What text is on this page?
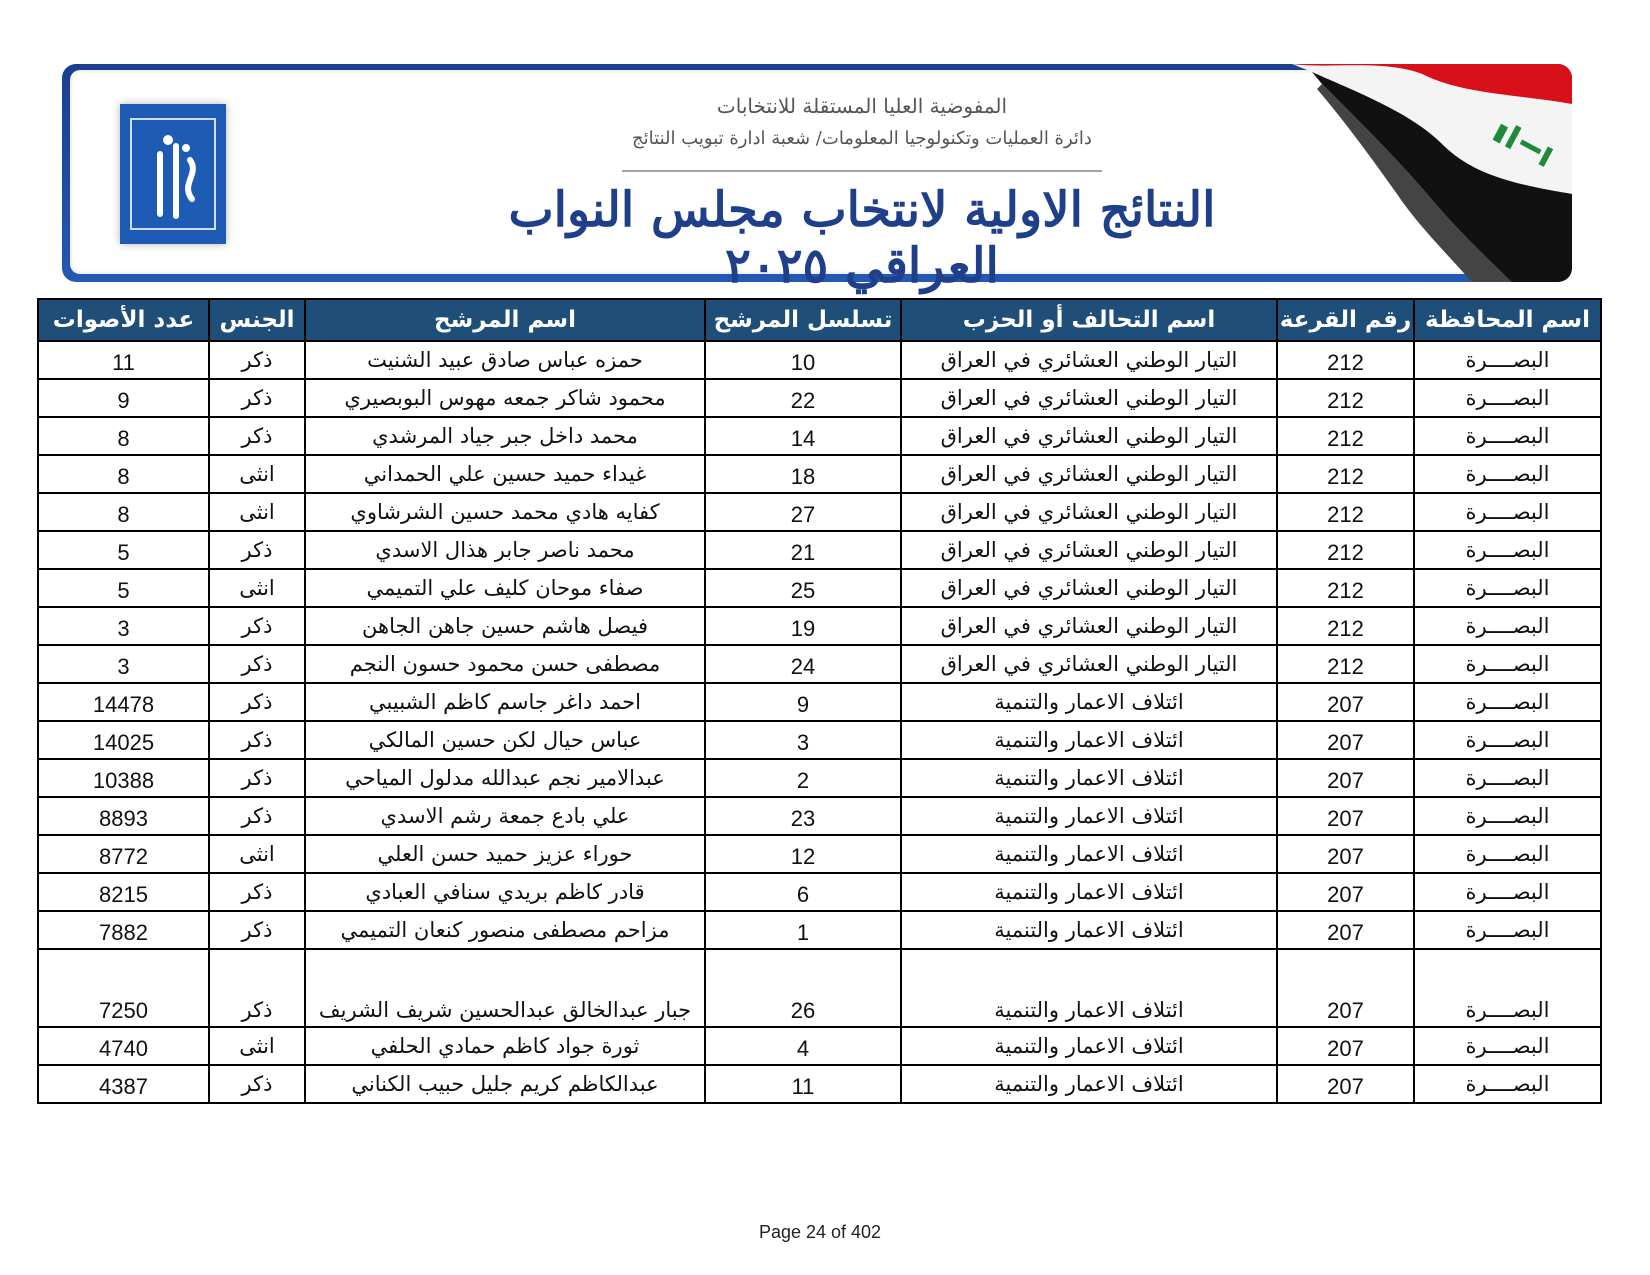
المفوضية العليا المستقلة للانتخابات
دائرة العمليات وتكنولوجيا المعلومات/ شعبة ادارة تبويب النتائج
النتائج الاولية لانتخاب مجلس النواب العراقي ٢٠٢٥
اسم المحافظة	رقم القرعة	اسم التحالف أو الحزب	تسلسل المرشح	اسم المرشح	الجنس	عدد الأصوات
البصــــرة	212	التيار الوطني العشائري في العراق	10	حمزه عباس صادق عبيد الشنيت	ذكر	11
البصــــرة	212	التيار الوطني العشائري في العراق	22	محمود شاكر جمعه مهوس البوبصيري	ذكر	9
البصــــرة	212	التيار الوطني العشائري في العراق	14	محمد داخل جبر جياد المرشدي	ذكر	8
البصــــرة	212	التيار الوطني العشائري في العراق	18	غيداء حميد حسين علي الحمداني	انثى	8
البصــــرة	212	التيار الوطني العشائري في العراق	27	كفايه هادي محمد حسين الشرشاوي	انثى	8
البصــــرة	212	التيار الوطني العشائري في العراق	21	محمد ناصر جابر هذال الاسدي	ذكر	5
البصــــرة	212	التيار الوطني العشائري في العراق	25	صفاء موحان كليف علي التميمي	انثى	5
البصــــرة	212	التيار الوطني العشائري في العراق	19	فيصل هاشم حسين جاهن الجاهن	ذكر	3
البصــــرة	212	التيار الوطني العشائري في العراق	24	مصطفى حسن محمود حسون النجم	ذكر	3
البصــــرة	207	ائتلاف الاعمار والتنمية	9	احمد داغر جاسم كاظم الشبيبي	ذكر	14478
البصــــرة	207	ائتلاف الاعمار والتنمية	3	عباس حيال لكن حسين المالكي	ذكر	14025
البصــــرة	207	ائتلاف الاعمار والتنمية	2	عبدالامير نجم عبدالله مدلول المياحي	ذكر	10388
البصــــرة	207	ائتلاف الاعمار والتنمية	23	علي بادع جمعة رشم الاسدي	ذكر	8893
البصــــرة	207	ائتلاف الاعمار والتنمية	12	حوراء عزيز حميد حسن العلي	انثى	8772
البصــــرة	207	ائتلاف الاعمار والتنمية	6	قادر كاظم بريدي سنافي العبادي	ذكر	8215
البصــــرة	207	ائتلاف الاعمار والتنمية	1	مزاحم مصطفى منصور كنعان التميمي	ذكر	7882
البصــــرة	207	ائتلاف الاعمار والتنمية	26	جبار عبدالخالق عبدالحسين شريف الشريف	ذكر	7250
البصــــرة	207	ائتلاف الاعمار والتنمية	4	ثورة جواد كاظم حمادي الحلفي	انثى	4740
البصــــرة	207	ائتلاف الاعمار والتنمية	11	عبدالكاظم كريم جليل حبيب الكناني	ذكر	4387
Page 24 of 402
